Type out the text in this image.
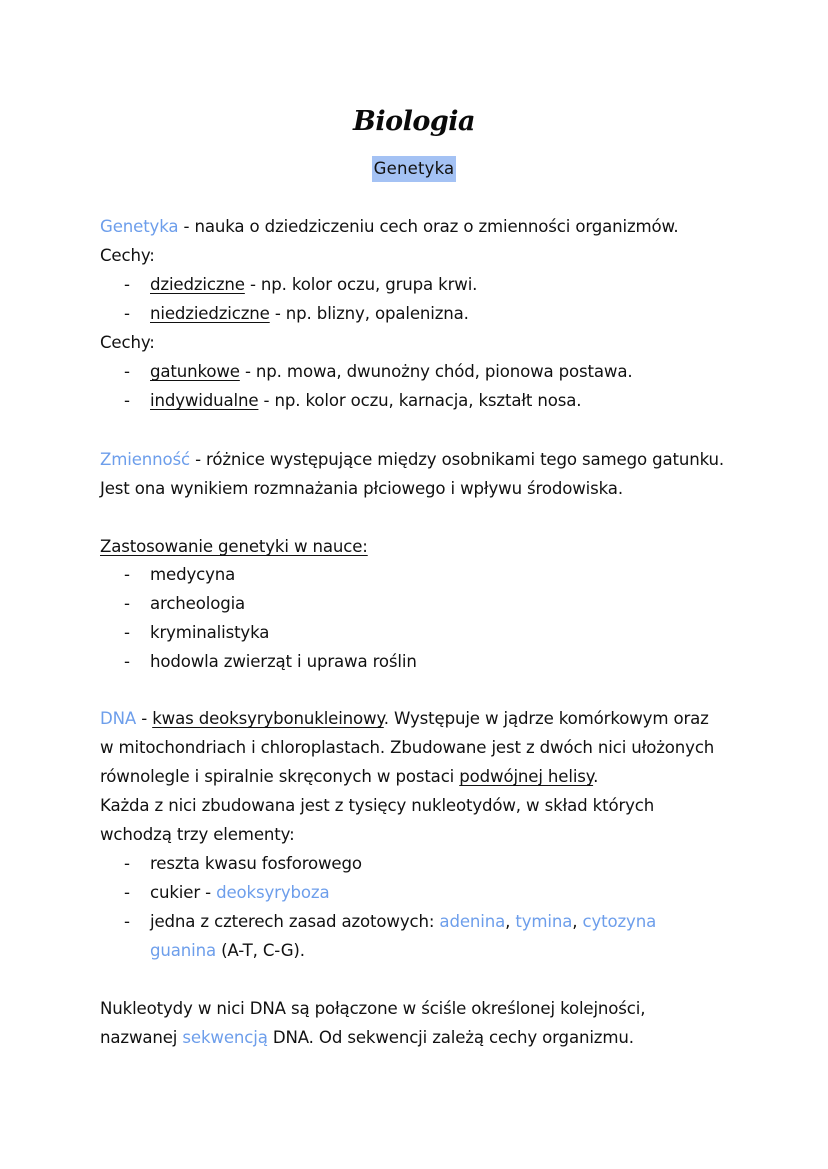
Biologia
Genetyka
Genetyka - nauka o dziedziczeniu cech oraz o zmienności organizmów.
Cechy:
- dziedziczne - np. kolor oczu, grupa krwi.
- niedziedziczne - np. blizny, opalenizna.
Cechy:
- gatunkowe - np. mowa, dwunożny chód, pionowa postawa.
- indywidualne - np. kolor oczu, karnacja, kształt nosa.
Zmienność - różnice występujące między osobnikami tego samego gatunku.
Jest ona wynikiem rozmnażania płciowego i wpływu środowiska.
Zastosowanie genetyki w nauce:
- medycyna
- archeologia
- kryminalistyka
- hodowla zwierząt i uprawa roślin
DNA - kwas deoksyrybonukleinowy. Występuje w jądrze komórkowym oraz
w mitochondriach i chloroplastach. Zbudowane jest z dwóch nici ułożonych
równolegle i spiralnie skręconych w postaci podwójnej helisy.
Każda z nici zbudowana jest z tysięcy nukleotydów, w skład których
wchodzą trzy elementy:
- reszta kwasu fosforowego
- cukier - deoksyryboza
- jedna z czterech zasad azotowych: adenina, tymina, cytozyna
guanina (A-T, C-G).
Nukleotydy w nici DNA są połączone w ściśle określonej kolejności,
nazwanej sekwencją DNA. Od sekwencji zależą cechy organizmu.
